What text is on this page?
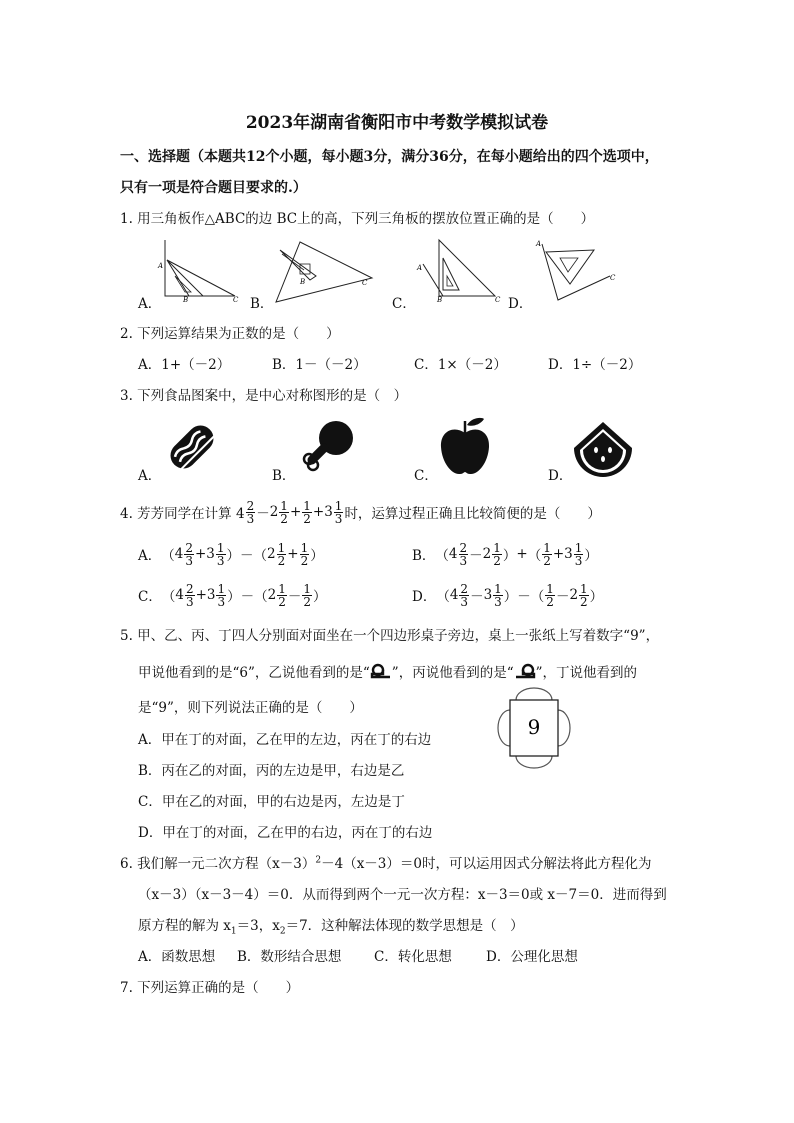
2023年湖南省衡阳市中考数学模拟试卷
一、选择题（本题共12个小题，每小题3分，满分36分，在每小题给出的四个选项中，
只有一项是符合题目要求的.）
1. 用三角板作△ABC的边 BC上的高，下列三角板的摆放位置正确的是（　　）
A．	B．	C．	D．
A
B	C
B	C
A
B	C
A
C
2. 下列运算结果为正数的是（　　）
A．1+（－2）	B．1－（－2）	C．1×（－2）	D．1÷（－2）
3. 下列食品图案中，是中心对称图形的是（　）
A．	B．	C．	D．
4. 芳芳同学在计算 $4 \frac{2}{3} - 2 \frac{1}{2} + \frac{1}{2} + 3 \frac{1}{3}$ 时，运算过程正确且比较简便的是（　　）
A． （ $4 \frac{2}{3} + 3 \frac{1}{3}$ ） － （ $2 \frac{1}{2} + \frac{1}{2}$ ）	B． （ $4 \frac{2}{3} - 2 \frac{1}{2}$ ） + （ $\frac{1}{2} + 3 \frac{1}{3}$ ）
C． （ $4 \frac{2}{3} + 3 \frac{1}{3}$ ） － （ $2 \frac{1}{2} - \frac{1}{2}$ ）	D． （ $4 \frac{2}{3} - 3 \frac{1}{3}$ ） － （ $\frac{1}{2} - 2 \frac{1}{2}$ ）
5. 甲、乙、丙、丁四人分别面对面坐在一个四边形桌子旁边，桌上一张纸上写着数字“9”，
甲说他看到的是“6”，乙说他看到的是“ ”，丙说他看到的是“ ”，丁说他看到的
是“9”，则下列说法正确的是（　　）
9
A．甲在丁的对面，乙在甲的左边，丙在丁的右边
B．丙在乙的对面，丙的左边是甲，右边是乙
C．甲在乙的对面，甲的右边是丙，左边是丁
D．甲在丁的对面，乙在甲的右边，丙在丁的右边
6. 我们解一元二次方程$(x-3)^2-4(x-3)=0$时，可以运用因式分解法将此方程化为
（x－3）（x－3－4）＝0．从而得到两个一元一次方程：x－3＝0或 x－7＝0．进而得到
原方程的解为 $x_1=3$，$x_2=7$．这种解法体现的数学思想是（　）
A．函数思想 B．数形结合思想 C．转化思想	D．公理化思想
7. 下列运算正确的是（　　）
